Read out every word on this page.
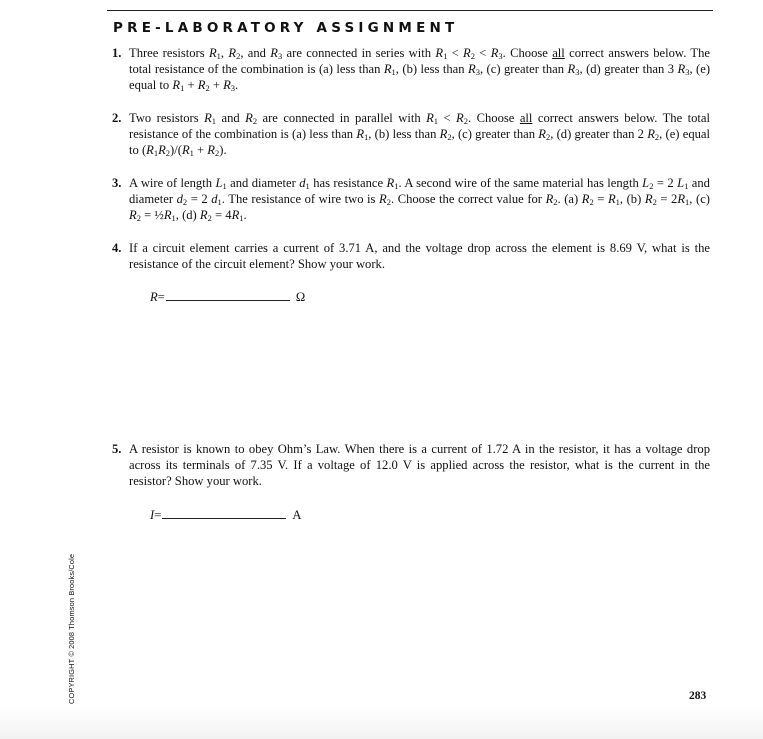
PRE-LABORATORY ASSIGNMENT
1. Three resistors $R_1$, $R_2$, and $R_3$ are connected in series with $R_1 < R_2 < R_3$. Choose all correct answers below. The total resistance of the combination is (a) less than $R_1$, (b) less than $R_3$, (c) greater than $R_3$, (d) greater than 3 $R_3$, (e) equal to $R_1 + R_2 + R_3$.
2. Two resistors $R_1$ and $R_2$ are connected in parallel with $R_1 < R_2$. Choose all correct answers below. The total resistance of the combination is (a) less than $R_1$, (b) less than $R_2$, (c) greater than $R_2$, (d) greater than 2 $R_2$, (e) equal to $(R_1R_2)/(R_1 + R_2)$.
3. A wire of length $L_1$ and diameter $d_1$ has resistance $R_1$. A second wire of the same material has length $L_2 = 2$ $L_1$ and diameter $d_2 = 2$ $d_1$. The resistance of wire two is $R_2$. Choose the correct value for $R_2$. (a) $R_2 = R_1$, (b) $R_2 = 2R_1$, (c) $R_2$ = $\frac{1}{2}R_1$, (d) $R_2 = 4R_1$.
4. If a circuit element carries a current of 3.71 A, and the voltage drop across the element is 8.69 V, what is the resistance of the circuit element? Show your work.
R=	Ω
5. A resistor is known to obey Ohm’s Law. When there is a current of 1.72 A in the resistor, it has a voltage drop across its terminals of 7.35 V. If a voltage of 12.0 V is applied across the resistor, what is the current in the resistor? Show your work.
I=	A
COPYRIGHT © 2008 Thomson Brooks/Cole	283
